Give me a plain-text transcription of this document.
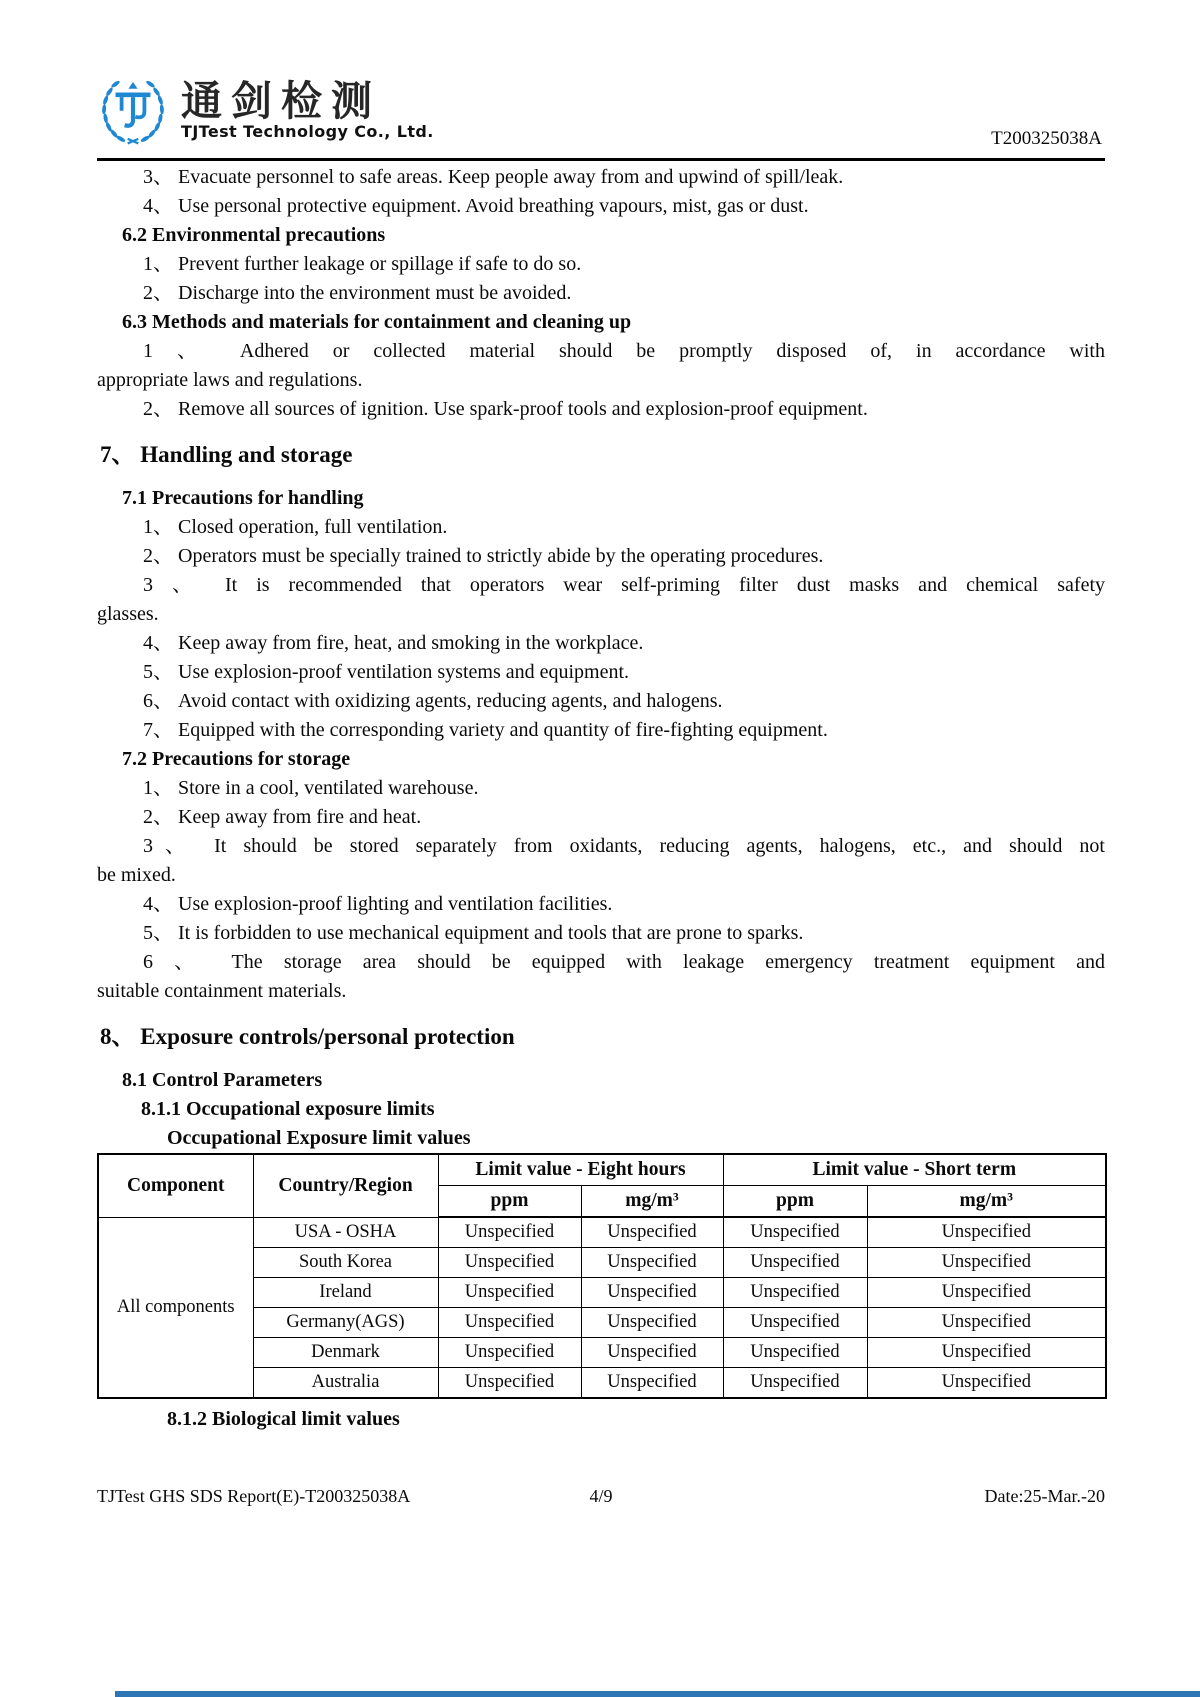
通剑检测
TJTest Technology Co., Ltd.	T200325038A
3、 Evacuate personnel to safe areas. Keep people away from and upwind of spill/leak.
4、 Use personal protective equipment. Avoid breathing vapours, mist, gas or dust.
6.2 Environmental precautions
1、 Prevent further leakage or spillage if safe to do so.
2、 Discharge into the environment must be avoided.
6.3 Methods and materials for containment and cleaning up
1 、 Adhered or collected material should be promptly disposed of, in accordance with
appropriate laws and regulations.
2、 Remove all sources of ignition. Use spark-proof tools and explosion-proof equipment.
7、 Handling and storage
7.1 Precautions for handling
1、 Closed operation, full ventilation.
2、 Operators must be specially trained to strictly abide by the operating procedures.
3 、 It is recommended that operators wear self-priming filter dust masks and chemical safety
glasses.
4、 Keep away from fire, heat, and smoking in the workplace.
5、 Use explosion-proof ventilation systems and equipment.
6、 Avoid contact with oxidizing agents, reducing agents, and halogens.
7、 Equipped with the corresponding variety and quantity of fire-fighting equipment.
7.2 Precautions for storage
1、 Store in a cool, ventilated warehouse.
2、 Keep away from fire and heat.
3、 It should be stored separately from oxidants, reducing agents, halogens, etc., and should not
be mixed.
4、 Use explosion-proof lighting and ventilation facilities.
5、 It is forbidden to use mechanical equipment and tools that are prone to sparks.
6 、 The storage area should be equipped with leakage emergency treatment equipment and
suitable containment materials.
8、 Exposure controls/personal protection
8.1 Control Parameters
8.1.1 Occupational exposure limits
Occupational Exposure limit values
Component	Country/Region	Limit value - Eight hours		Limit value - Short term	
		ppm	mg/m³	ppm	mg/m³
All components	USA - OSHA	Unspecified	Unspecified	Unspecified	Unspecified
	South Korea	Unspecified	Unspecified	Unspecified	Unspecified
	Ireland	Unspecified	Unspecified	Unspecified	Unspecified
	Germany(AGS)	Unspecified	Unspecified	Unspecified	Unspecified
	Denmark	Unspecified	Unspecified	Unspecified	Unspecified
	Australia	Unspecified	Unspecified	Unspecified	Unspecified
8.1.2 Biological limit values
TJTest GHS SDS Report(E)-T200325038A	4/9	Date:25-Mar.-20
